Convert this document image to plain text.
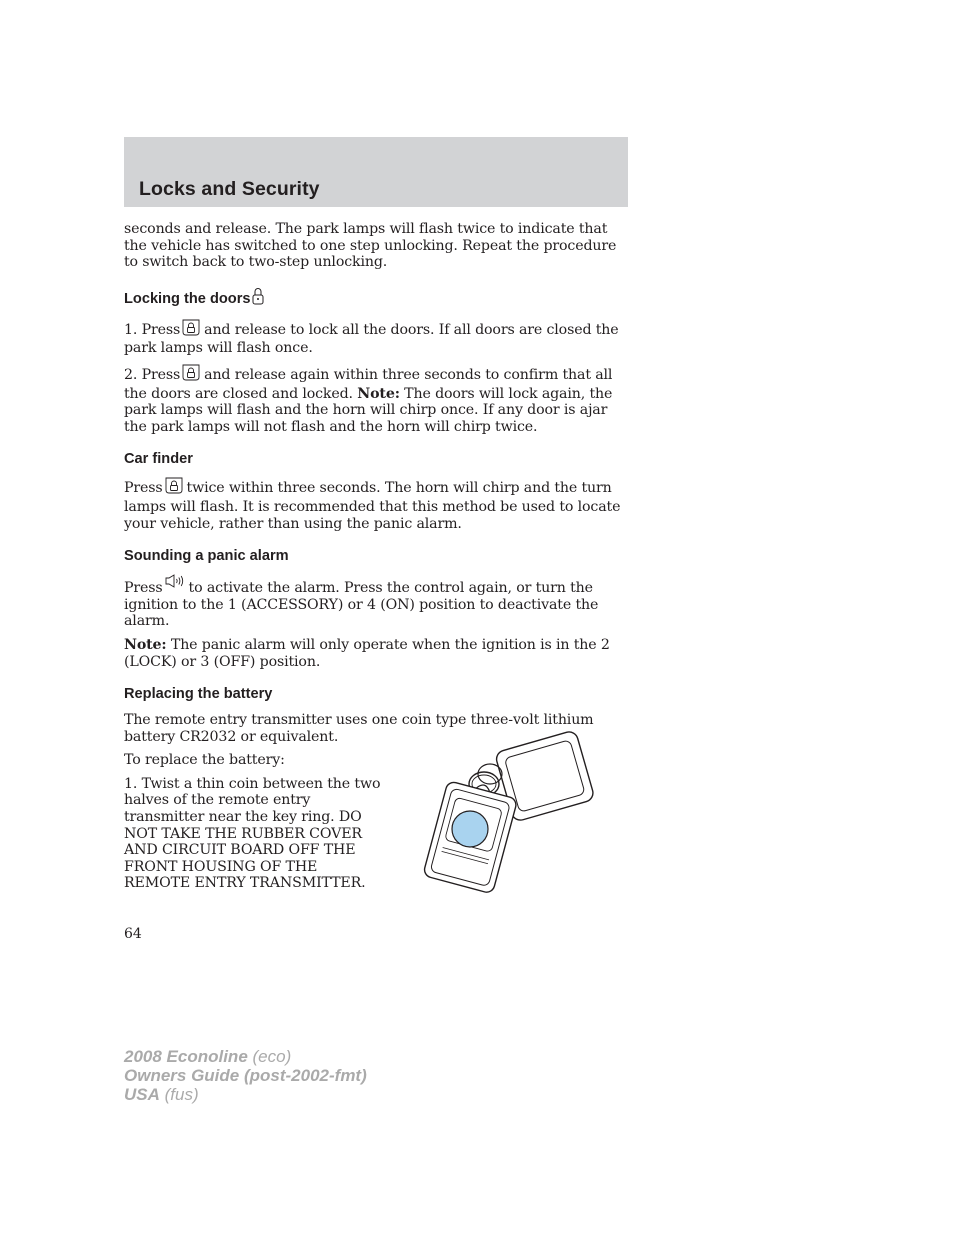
Locks and Security

seconds and release. The park lamps will flash twice to indicate that the vehicle has switched to one step unlocking. Repeat the procedure to switch back to two-step unlocking.

Locking the doors

1. Press and release to lock all the doors. If all doors are closed the park lamps will flash once.

2. Press and release again within three seconds to confirm that all the doors are closed and locked. Note: The doors will lock again, the park lamps will flash and the horn will chirp once. If any door is ajar the park lamps will not flash and the horn will chirp twice.

Car finder

Press twice within three seconds. The horn will chirp and the turn lamps will flash. It is recommended that this method be used to locate your vehicle, rather than using the panic alarm.

Sounding a panic alarm

Press to activate the alarm. Press the control again, or turn the ignition to the 1 (ACCESSORY) or 4 (ON) position to deactivate the alarm.

Note: The panic alarm will only operate when the ignition is in the 2 (LOCK) or 3 (OFF) position.

Replacing the battery

The remote entry transmitter uses one coin type three-volt lithium battery CR2032 or equivalent.

To replace the battery:

1. Twist a thin coin between the two halves of the remote entry transmitter near the key ring. DO NOT TAKE THE RUBBER COVER AND CIRCUIT BOARD OFF THE FRONT HOUSING OF THE REMOTE ENTRY TRANSMITTER.

64
2008 Econoline (eco)
Owners Guide (post-2002-fmt)
USA (fus)
